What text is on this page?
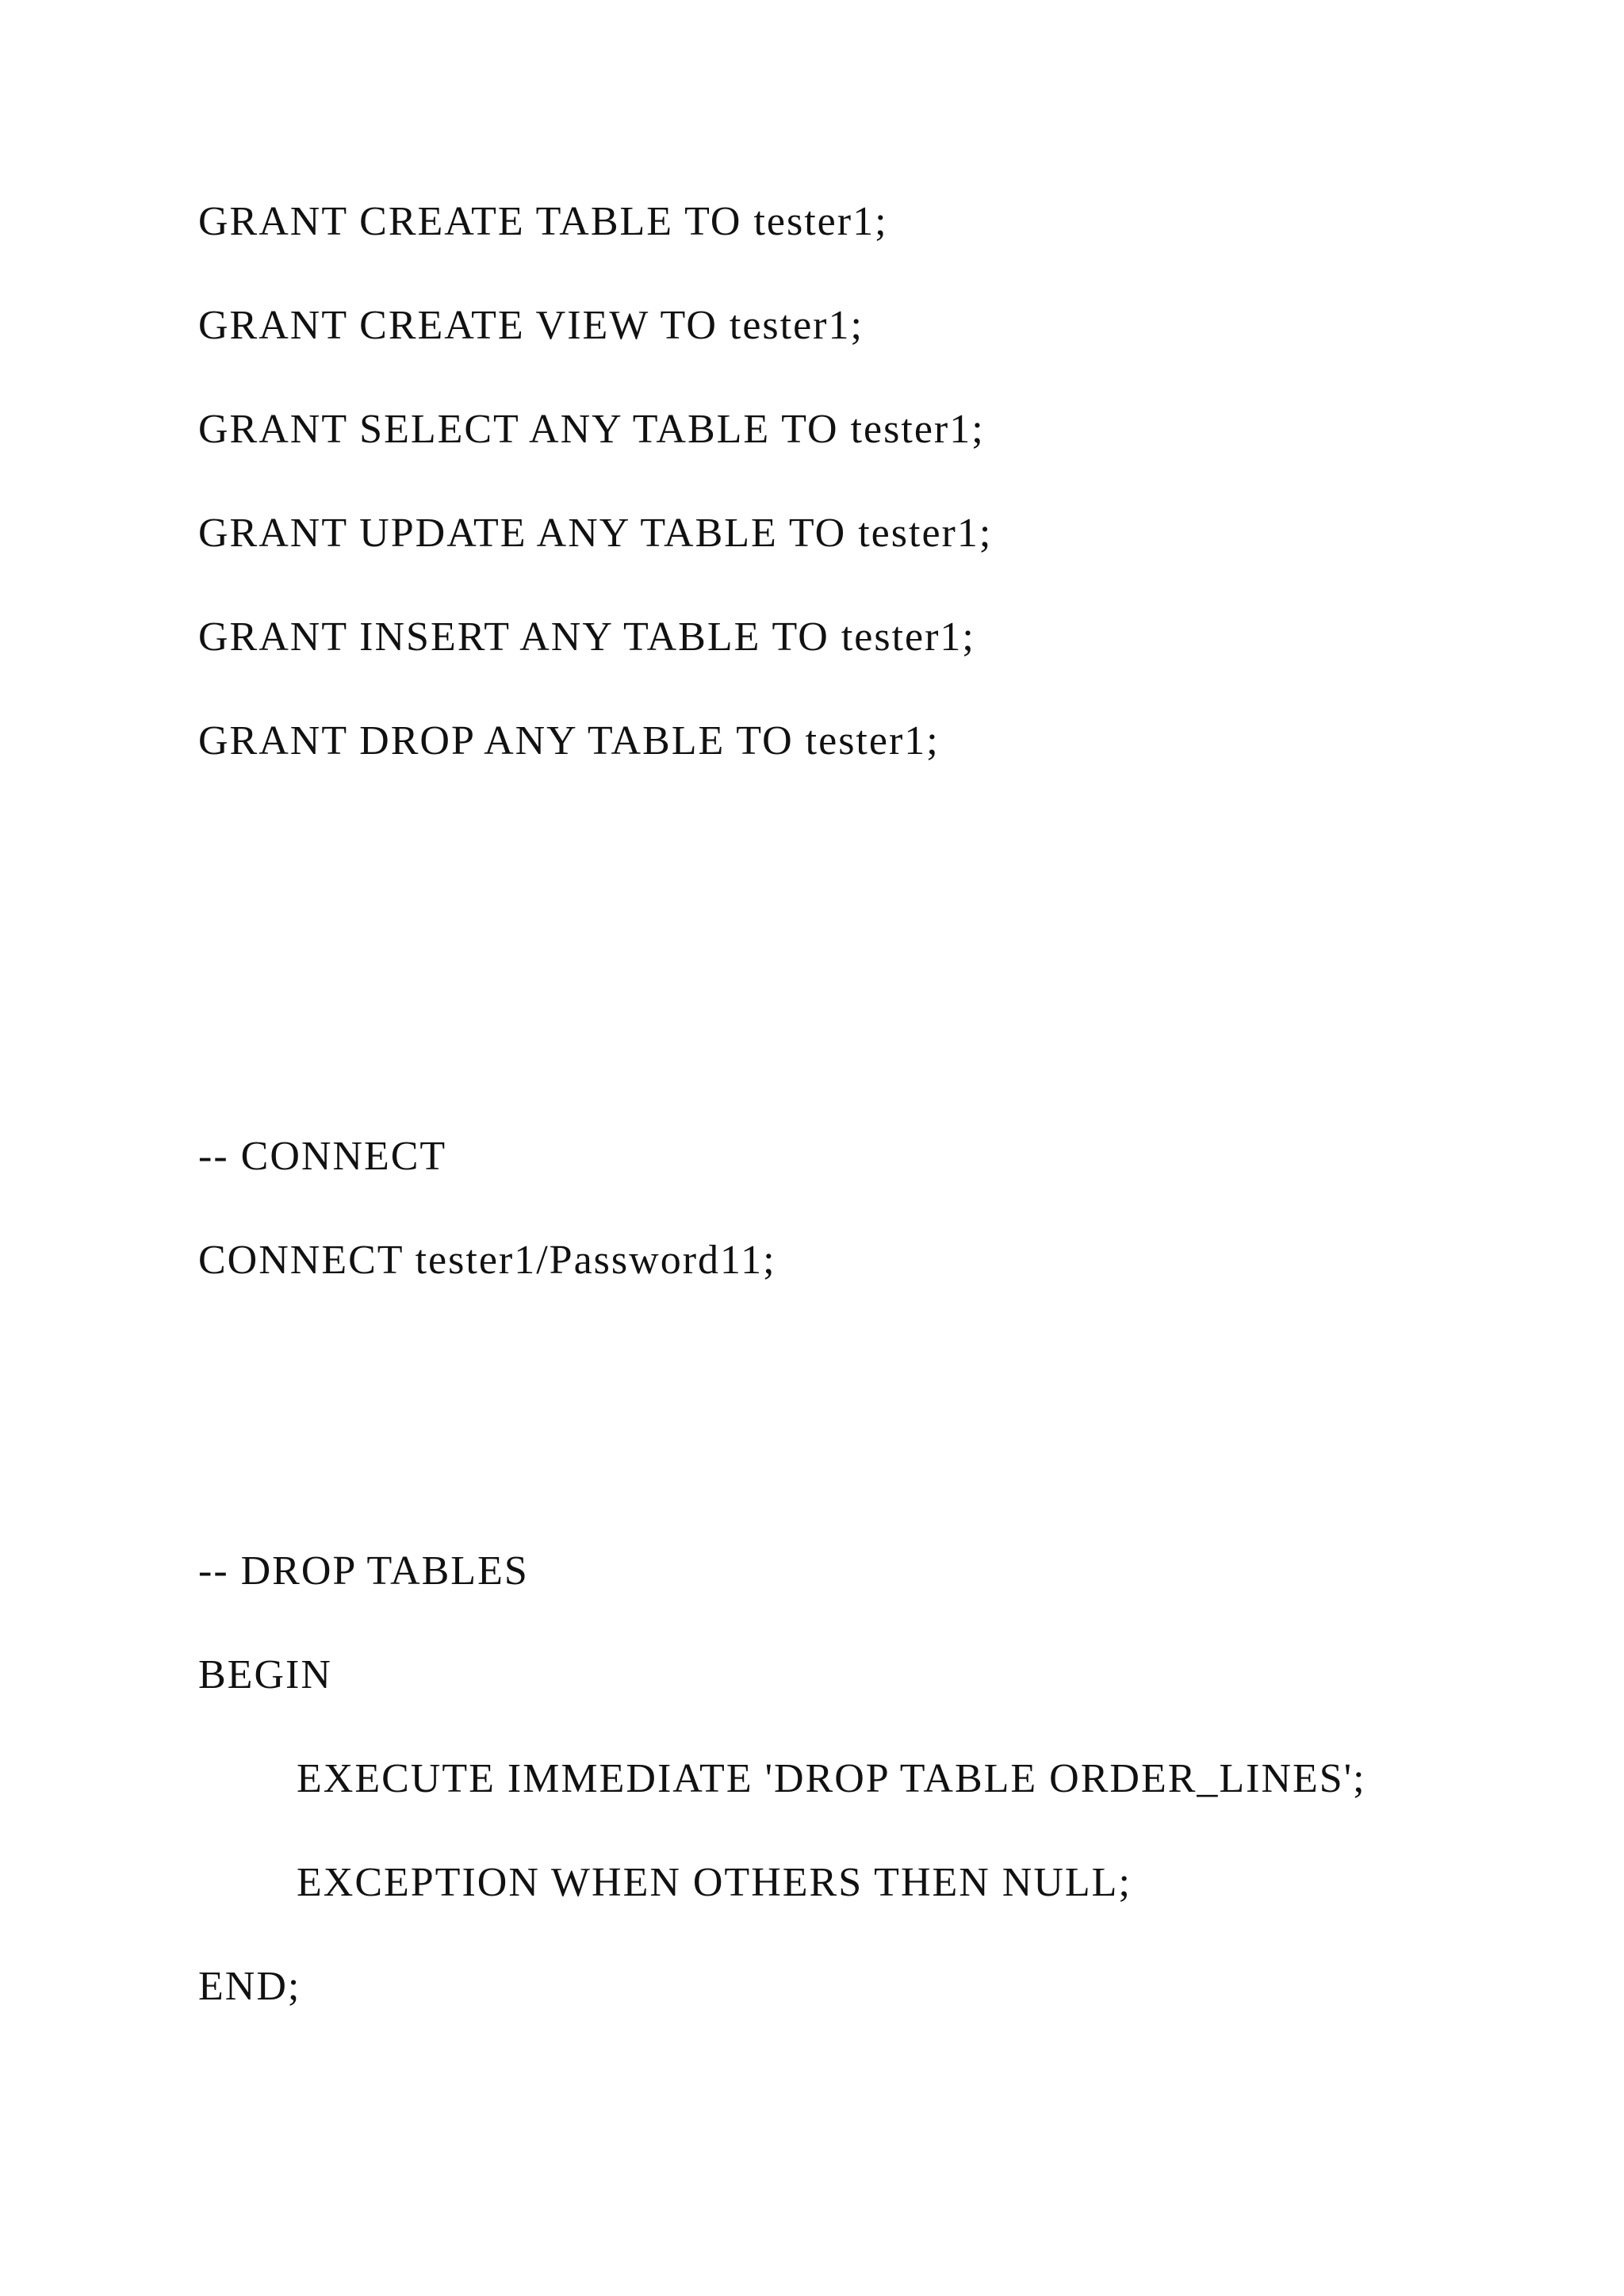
GRANT CREATE TABLE TO tester1;
GRANT CREATE VIEW TO tester1;
GRANT SELECT ANY TABLE TO tester1;
GRANT UPDATE ANY TABLE TO tester1;
GRANT INSERT ANY TABLE TO tester1;
GRANT DROP ANY TABLE TO tester1;
-- CONNECT
CONNECT tester1/Password11;
-- DROP TABLES
BEGIN
EXECUTE IMMEDIATE 'DROP TABLE ORDER_LINES';
EXCEPTION WHEN OTHERS THEN NULL;
END;
